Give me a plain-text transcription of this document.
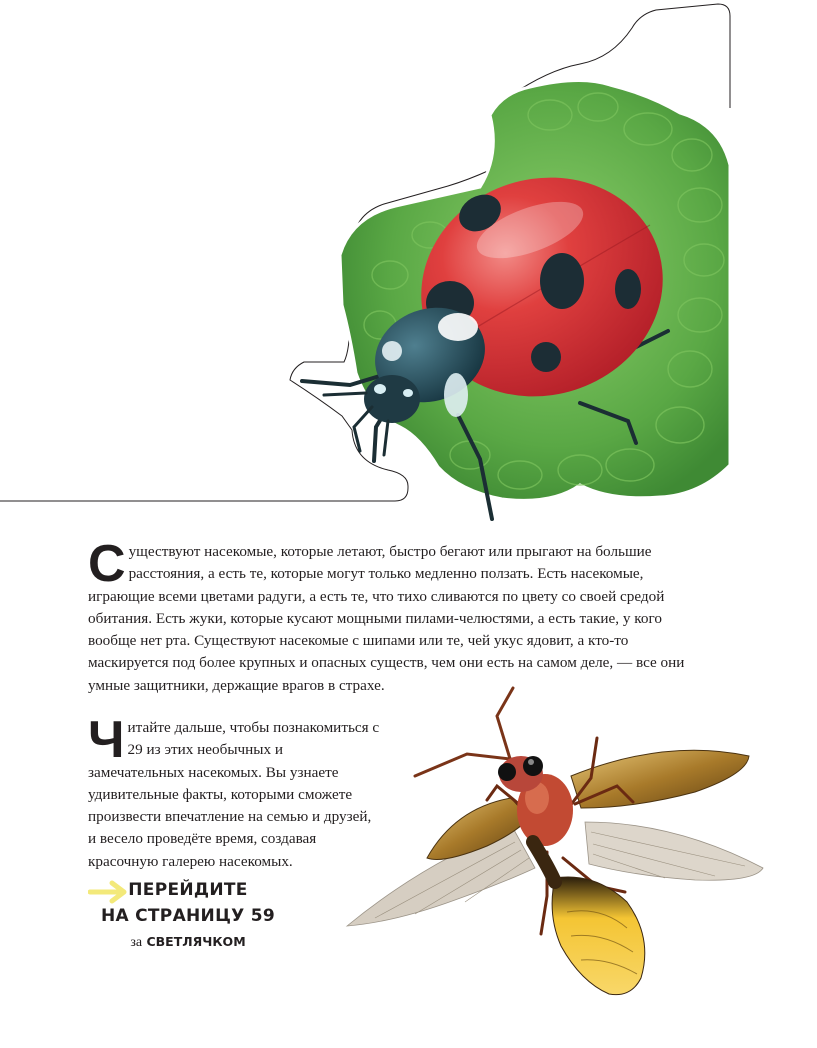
Существуют насекомые, которые летают, быстро бегают или прыгают на большие расстояния, а есть те, которые могут только медленно ползать. Есть насекомые, играющие всеми цветами радуги, а есть те, что тихо сливаются по цвету со своей средой обитания. Есть жуки, которые кусают мощными пилами-челюстями, а есть такие, у кого вообще нет рта. Существуют насекомые с шипами или те, чей укус ядовит, а кто-то маскируется под более крупных и опасных существ, чем они есть на самом деле, — все они умные защитники, держащие врагов в страхе.

Читайте дальше, чтобы познакомиться с 29 из этих необычных и замечательных насекомых. Вы узнаете удивительные факты, которыми сможете произвести впечатление на семью и друзей, и весело проведёте время, создавая красочную галерею насекомых.

ПЕРЕЙДИТЕ
НА СТРАНИЦУ 59
за СВЕТЛЯЧКОМ
